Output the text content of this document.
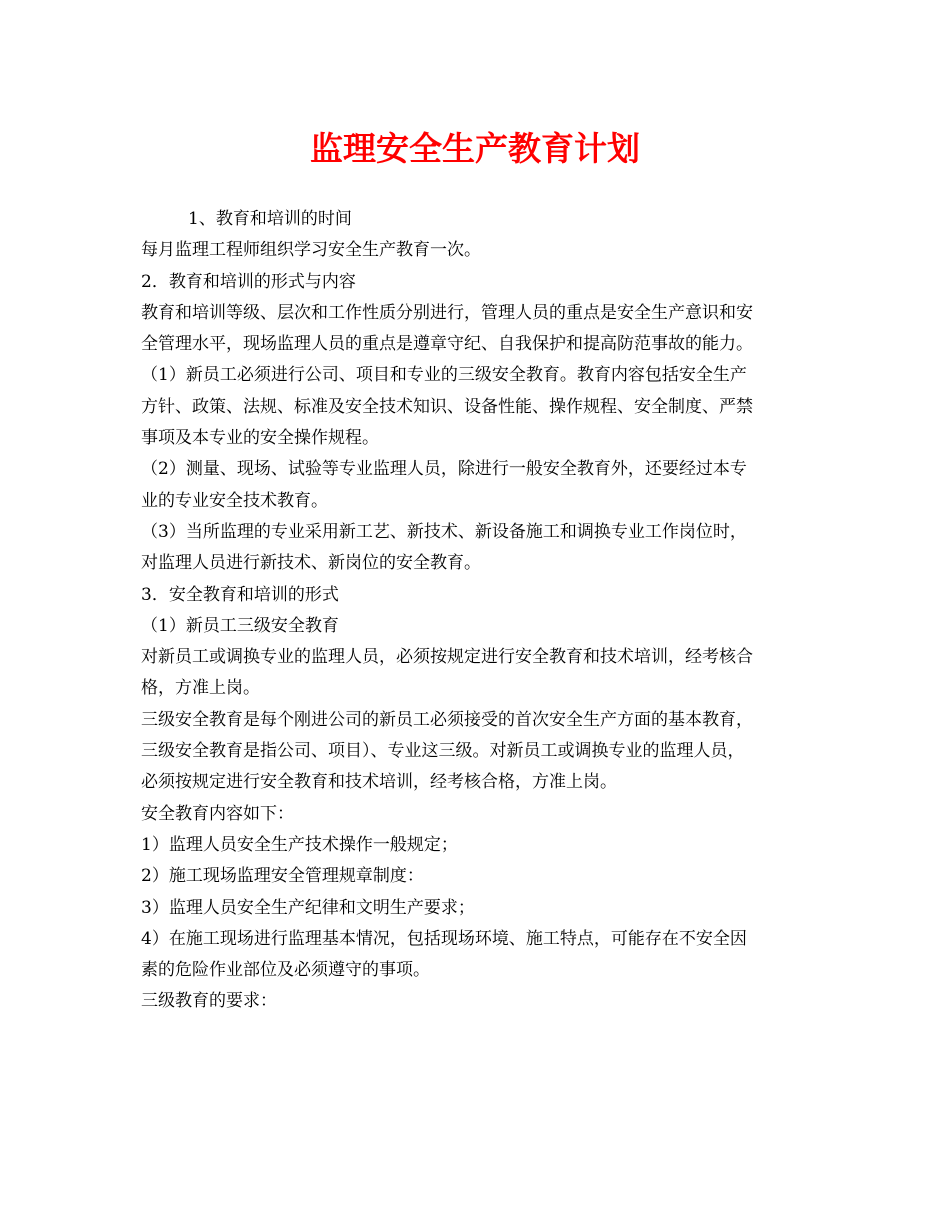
监理安全生产教育计划
1、教育和培训的时间
每月监理工程师组织学习安全生产教育一次。
2．教育和培训的形式与内容
教育和培训等级、层次和工作性质分别进行，管理人员的重点是安全生产意识和安
全管理水平，现场监理人员的重点是遵章守纪、自我保护和提高防范事故的能力。
（1）新员工必须进行公司、项目和专业的三级安全教育。教育内容包括安全生产
方针、政策、法规、标准及安全技术知识、设备性能、操作规程、安全制度、严禁
事项及本专业的安全操作规程。
（2）测量、现场、试验等专业监理人员，除进行一般安全教育外，还要经过本专
业的专业安全技术教育。
（3）当所监理的专业采用新工艺、新技术、新设备施工和调换专业工作岗位时，
对监理人员进行新技术、新岗位的安全教育。
3．安全教育和培训的形式
（1）新员工三级安全教育
对新员工或调换专业的监理人员，必须按规定进行安全教育和技术培训，经考核合
格，方准上岗。
三级安全教育是每个刚进公司的新员工必须接受的首次安全生产方面的基本教育，
三级安全教育是指公司、项目）、专业这三级。对新员工或调换专业的监理人员，
必须按规定进行安全教育和技术培训，经考核合格，方准上岗。
安全教育内容如下：
1）监理人员安全生产技术操作一般规定；
2）施工现场监理安全管理规章制度：
3）监理人员安全生产纪律和文明生产要求；
4）在施工现场进行监理基本情况，包括现场环境、施工特点，可能存在不安全因
素的危险作业部位及必须遵守的事项。
三级教育的要求：
